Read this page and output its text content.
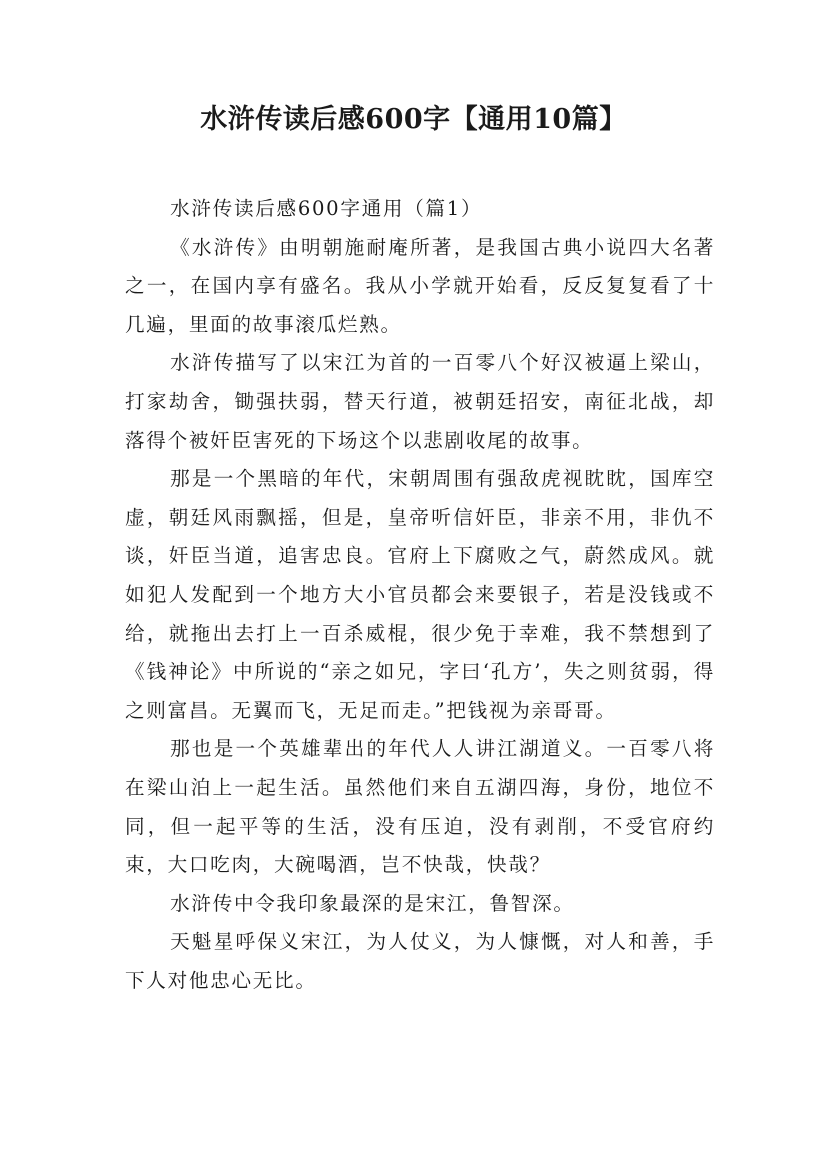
水浒传读后感600字【通用10篇】

水浒传读后感600字通用（篇1）

《水浒传》由明朝施耐庵所著，是我国古典小说四大名著之一，在国内享有盛名。我从小学就开始看，反反复复看了十几遍，里面的故事滚瓜烂熟。

水浒传描写了以宋江为首的一百零八个好汉被逼上梁山，打家劫舍，锄强扶弱，替天行道，被朝廷招安，南征北战，却落得个被奸臣害死的下场这个以悲剧收尾的故事。

那是一个黑暗的年代，宋朝周围有强敌虎视眈眈，国库空虚，朝廷风雨飘摇，但是，皇帝听信奸臣，非亲不用，非仇不谈，奸臣当道，追害忠良。官府上下腐败之气，蔚然成风。就如犯人发配到一个地方大小官员都会来要银子，若是没钱或不给，就拖出去打上一百杀威棍，很少免于幸难，我不禁想到了《钱神论》中所说的“亲之如兄，字曰‘孔方’，失之则贫弱，得之则富昌。无翼而飞，无足而走。”把钱视为亲哥哥。

那也是一个英雄辈出的年代人人讲江湖道义。一百零八将在梁山泊上一起生活。虽然他们来自五湖四海，身份，地位不同，但一起平等的生活，没有压迫，没有剥削，不受官府约束，大口吃肉，大碗喝酒，岂不快哉，快哉？

水浒传中令我印象最深的是宋江，鲁智深。

天魁星呼保义宋江，为人仗义，为人慷慨，对人和善，手下人对他忠心无比。
